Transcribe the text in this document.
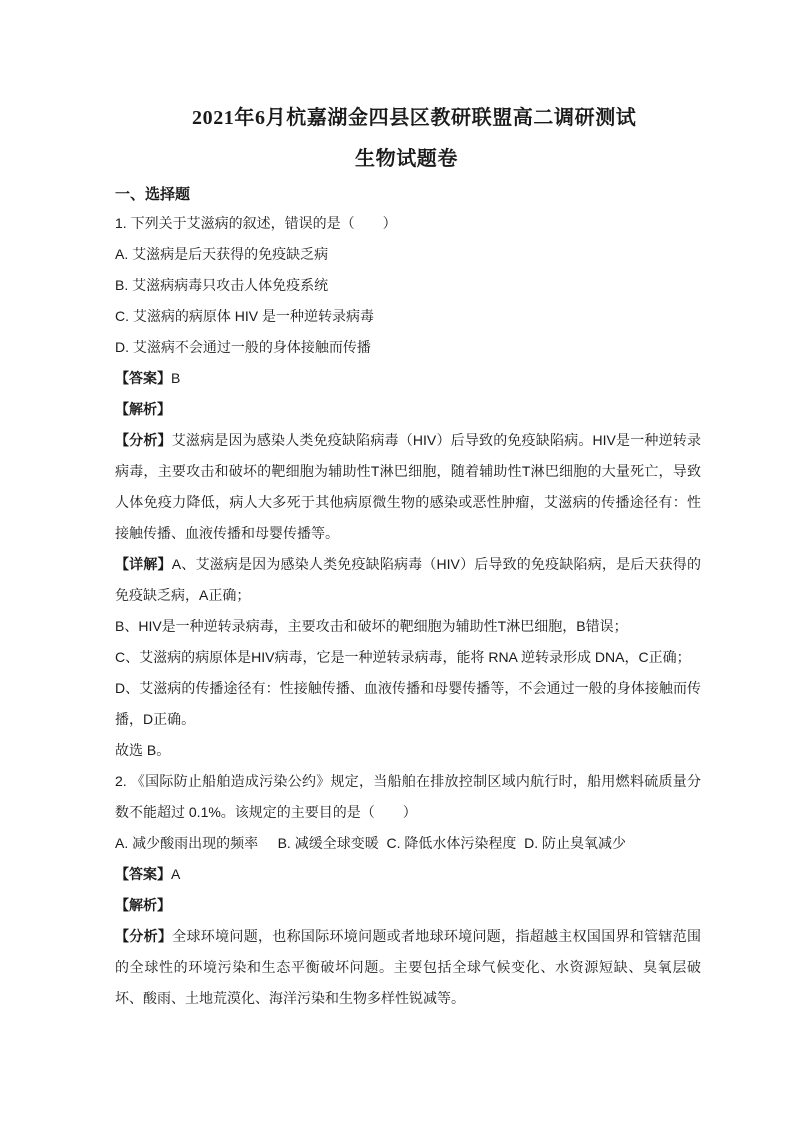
2021年6月杭嘉湖金四县区教研联盟高二调研测试
生物试题卷
一、选择题
1. 下列关于艾滋病的叙述，错误的是（　　）
A. 艾滋病是后天获得的免疫缺乏病
B. 艾滋病病毒只攻击人体免疫系统
C. 艾滋病的病原体 HIV 是一种逆转录病毒
D. 艾滋病不会通过一般的身体接触而传播
【答案】B
【解析】
【分析】艾滋病是因为感染人类免疫缺陷病毒（HIV）后导致的免疫缺陷病。HIV是一种逆转录病毒，主要攻击和破坏的靶细胞为辅助性T淋巴细胞，随着辅助性T淋巴细胞的大量死亡，导致人体免疫力降低，病人大多死于其他病原微生物的感染或恶性肿瘤，艾滋病的传播途径有：性接触传播、血液传播和母婴传播等。
【详解】A、艾滋病是因为感染人类免疫缺陷病毒（HIV）后导致的免疫缺陷病，是后天获得的免疫缺乏病，A正确；
B、HIV是一种逆转录病毒，主要攻击和破坏的靶细胞为辅助性T淋巴细胞，B错误；
C、艾滋病的病原体是HIV病毒，它是一种逆转录病毒，能将 RNA 逆转录形成 DNA，C正确；
D、艾滋病的传播途径有：性接触传播、血液传播和母婴传播等，不会通过一般的身体接触而传播，D正确。
故选 B。
2. 《国际防止船舶造成污染公约》规定，当船舶在排放控制区域内航行时，船用燃料硫质量分数不能超过 0.1%。该规定的主要目的是（　　）
A. 减少酸雨出现的频率 B. 减缓全球变暖 C. 降低水体污染程度 D. 防止臭氧减少
【答案】A
【解析】
【分析】全球环境问题，也称国际环境问题或者地球环境问题，指超越主权国国界和管辖范围的全球性的环境污染和生态平衡破坏问题。主要包括全球气候变化、水资源短缺、臭氧层破坏、酸雨、土地荒漠化、海洋污染和生物多样性锐减等。
